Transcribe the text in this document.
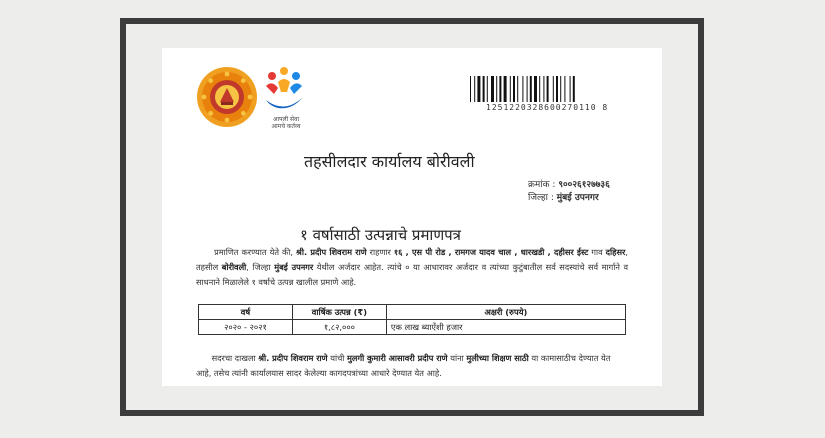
आपली सेवा
आमचे कर्तव्य
1251220328600270110 8
तहसीलदार कार्यालय बोरीवली
क्रमांक : ९००२६१२७७३६
जिल्हा : मुंबई उपनगर
१ वर्षासाठी उत्पन्नाचे प्रमाणपत्र
प्रमाणित करण्यात येते की, श्री. प्रदीप शिवराम राणे राहणार १६ , एस पी रोड , रामगज यादव चाल , धारखडी , दहीसर ईस्ट गाव दहिसर, तहसील बोरीवली, जिल्हा मुंबई उपनगर येथील अर्जदार आहेत. त्यांचे ० या आधारावर अर्जदार व त्यांच्या कुटुंबातील सर्व सदस्यांचे सर्व मार्गाने व साधनाने मिळालेले १ वर्षाचे उत्पन्न खालील प्रमाणे आहे.
वर्ष	वार्षिक उत्पन्न (₹)	अक्षरी (रुपये)
२०२० - २०२१	१,८२,०००	एक लाख ब्याऐंशी हजार
सदरचा दाखला श्री. प्रदीप शिवराम राणे यांची मुलगी कुमारी आसावरी प्रदीप राणे यांना मुलीच्या शिक्षण साठी या कामासाठीच देण्यात येत आहे, तसेच त्यांनी कार्यालयास सादर केलेल्या कागदपत्रांच्या आधारे देण्यात येत आहे.
